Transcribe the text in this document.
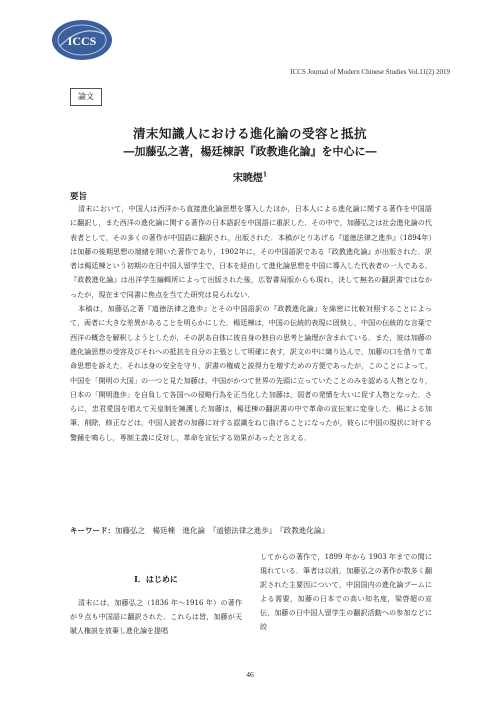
ICCS
ICCS Journal of Modern Chinese Studies Vol.11(2) 2019
論文
清末知識人における進化論の受容と抵抗
―加藤弘之著，楊廷棟訳『政教進化論』を中心に―
宋暁煜$^1$
要旨

清末において，中国人は西洋から直接進化論思想を導入したほか，日本人による進化論に関する著作を中国語に翻訳し，また西洋の進化論に関する著作の日本語訳を中国語に重訳した．その中で，加藤弘之は社会進化論の代表者として，その多くの著作が中国語に翻訳され，出版された．本稿がとりあげる『道徳法律之進歩』（1894年）は加藤の後期思想の端緒を開いた著作であり，1902年に，その中国語訳である『政教進化論』が出版された．訳者は楊廷棟という初期の在日中国人留学生で，日本を経由して進化論思想を中国に導入した代表者の一人である．『政教進化論』は出洋学生編輯所によって出版された後，広智書局版からも現れ，決して無名の翻訳書ではなかったが，現在まで同書に焦点を当てた研究は見られない．

本稿は，加藤弘之著『道徳法律之進歩』とその中国語訳の『政教進化論』を綿密に比較対照することによって，両者に大きな差異があることを明らかにした．楊廷棟は，中国の伝統的表現に固執し，中国の伝統的な言葉で西洋の概念を解釈しようとしたが，その訳あ自体に彼自身の独自の思考と論理が含まれている．また，彼は加藤の進化論思想の受容及びそれへの抵抗を自分の主張として明確に表す，訳文の中に織り込んで，加藤の口を借りて革命思想を訴えた．それは身の安全を守り，訳書の権威と説得力を増すための方便であったが，このことによって，中国を「開明の大国」の一つと見た加藤は，中国がかつて世界の先頭に立っていたことのみを認める人物となり，日本の「開明進歩」を自負して各国への侵略行為を正当化した加藤は，弱者の発憤を大いに促す人物となった．さらに，忠君愛国を唱えて天皇制を擁護した加藤は，楊廷棟の翻訳書の中で革命の宣伝家に変身した．楊による加筆，削除，修正などは，中国人読者の加藤に対する認識をねじ曲げることになったが，彼らに中国の現状に対する警鐘を鳴らし，専制主義に反対し，革命を宣伝する効果があったと言える．

キーワード：加藤弘之　楊廷棟　進化論　『道徳法律之進歩』　『政教進化論』
I．はじめに

清末には，加藤弘之（1836 年〜1916 年）の著作が９点も中国語に翻訳された．これらは皆，加藤が天賦人権説を放棄し進化論を提唱

してからの著作で，1899 年から 1903 年までの間に現れている．筆者は以前，加藤弘之の著作が数多く翻訳された主要因について，中国国内の進化論ブームによる需要，加藤の日本での高い知名度，梁啓超の宣伝，加藤の日中国人留学生の翻訳活動への参加などに絞

46
